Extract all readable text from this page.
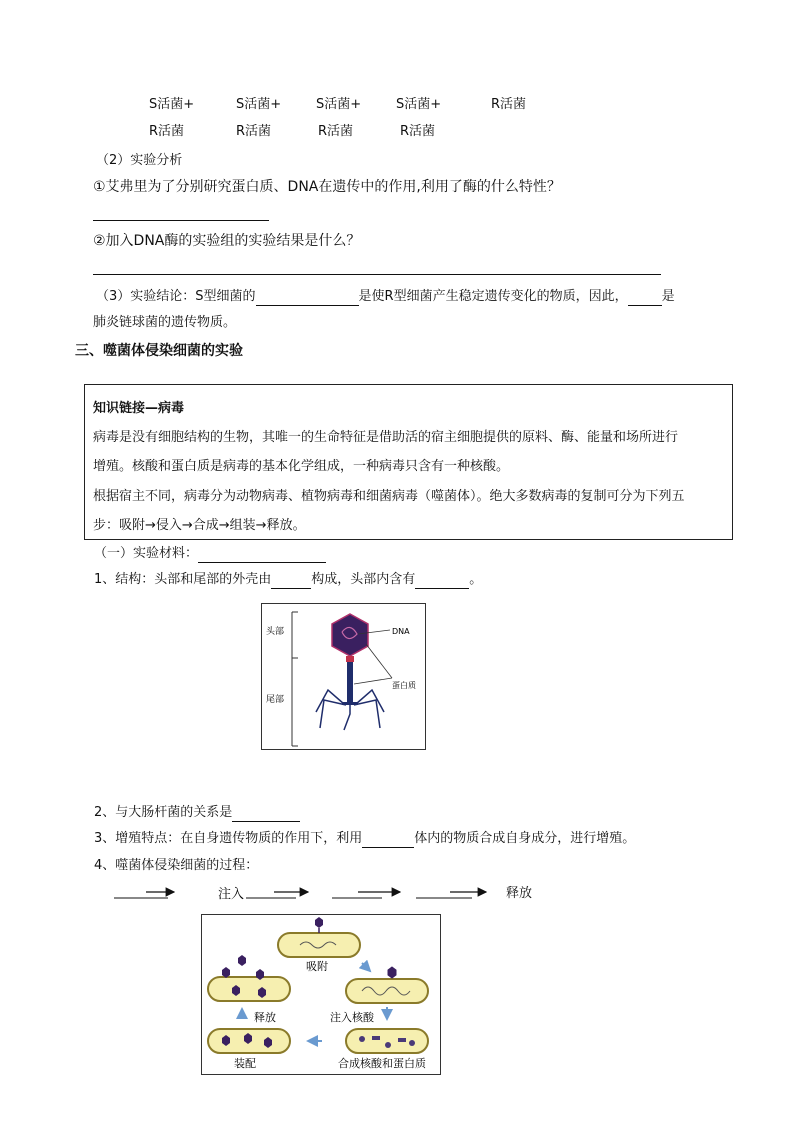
S活菌+	S活菌+	S活菌+	S活菌+	R活菌
R活菌	R活菌	R活菌	R活菌
（2）实验分析
①艾弗里为了分别研究蛋白质、DNA在遗传中的作用,利用了酶的什么特性？
②加入DNA酶的实验组的实验结果是什么？
（3）实验结论：S型细菌的	是使R型细菌产生稳定遗传变化的物质，因此，	是
肺炎链球菌的遗传物质。
三、噬菌体侵染细菌的实验
知识链接—病毒
病毒是没有细胞结构的生物，其唯一的生命特征是借助活的宿主细胞提供的原料、酶、能量和场所进行
增殖。核酸和蛋白质是病毒的基本化学组成，一种病毒只含有一种核酸。
根据宿主不同，病毒分为动物病毒、植物病毒和细菌病毒（噬菌体）。绝大多数病毒的复制可分为下列五
步：吸附→侵入→合成→组装→释放。
（一）实验材料：
1、结构：头部和尾部的外壳由	构成，头部内含有	。
头部
尾部
DNA
蛋白质
2、与大肠杆菌的关系是
3、增殖特点：在自身遗传物质的作用下，利用	体内的物质合成自身成分，进行增殖。
4、噬菌体侵染细菌的过程：
注入	释放
吸附
注入核酸
合成核酸和蛋白质
装配
释放
